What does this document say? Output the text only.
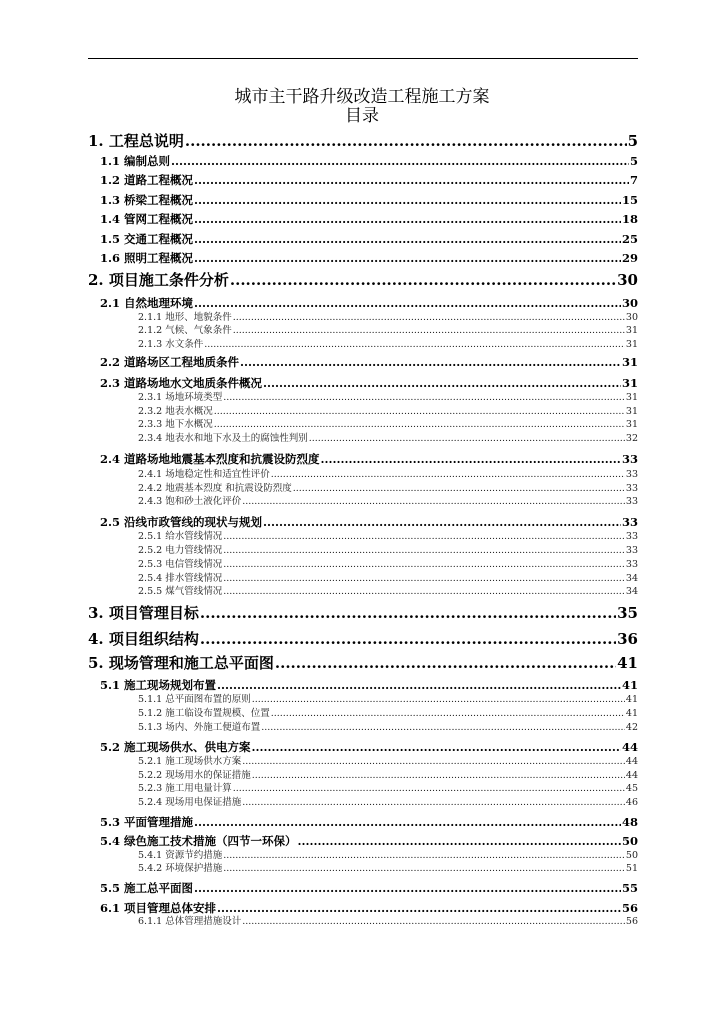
城市主干路升级改造工程施工方案
目录
1. 工程总说明 .....	5
1.1 编制总则 .....	5
1.2 道路工程概况 .....	7
1.3 桥梁工程概况 .....	15
1.4 管网工程概况 .....	18
1.5 交通工程概况 .....	25
1.6 照明工程概况 .....	29
2. 项目施工条件分析 .....	30
2.1 自然地理环境 .....	30
2.1.1 地形、地貌条件 .....	30
2.1.2 气候、气象条件 .....	31
2.1.3 水文条件 .....	31
2.2 道路场区工程地质条件 .....	31
2.3 道路场地水文地质条件概况 .....	31
2.3.1 场地环境类型 .....	31
2.3.2 地表水概况 .....	31
2.3.3 地下水概况 .....	31
2.3.4 地表水和地下水及土的腐蚀性判别 .....	32
2.4 道路场地地震基本烈度和抗震设防烈度 .....	33
2.4.1 场地稳定性和适宜性评价 .....	33
2.4.2 地震基本烈度 和抗震设防烈度 .....	33
2.4.3 饱和砂土液化评价 .....	33
2.5 沿线市政管线的现状与规划 .....	33
2.5.1 给水管线情况 .....	33
2.5.2 电力管线情况 .....	33
2.5.3 电信管线情况 .....	33
2.5.4 排水管线情况 .....	34
2.5.5 煤气管线情况 .....	34
3. 项目管理目标 .....	35
4. 项目组织结构 .....	36
5. 现场管理和施工总平面图 .....	41
5.1 施工现场规划布置 .....	41
5.1.1 总平面图布置的原则 .....	41
5.1.2 施工临设布置规模、位置 .....	41
5.1.3 场内、外施工便道布置 .....	42
5.2 施工现场供水、供电方案 .....	44
5.2.1 施工现场供水方案 .....	44
5.2.2 现场用水的保证措施 .....	44
5.2.3 施工用电量计算 .....	45
5.2.4 现场用电保证措施 .....	46
5.3 平面管理措施 .....	48
5.4 绿色施工技术措施（四节一环保） .....	50
5.4.1 资源节约措施 .....	50
5.4.2 环境保护措施 .....	51
5.5 施工总平面图 .....	55
6.1 项目管理总体安排 .....	56
6.1.1 总体管理措施设计 .....	56
